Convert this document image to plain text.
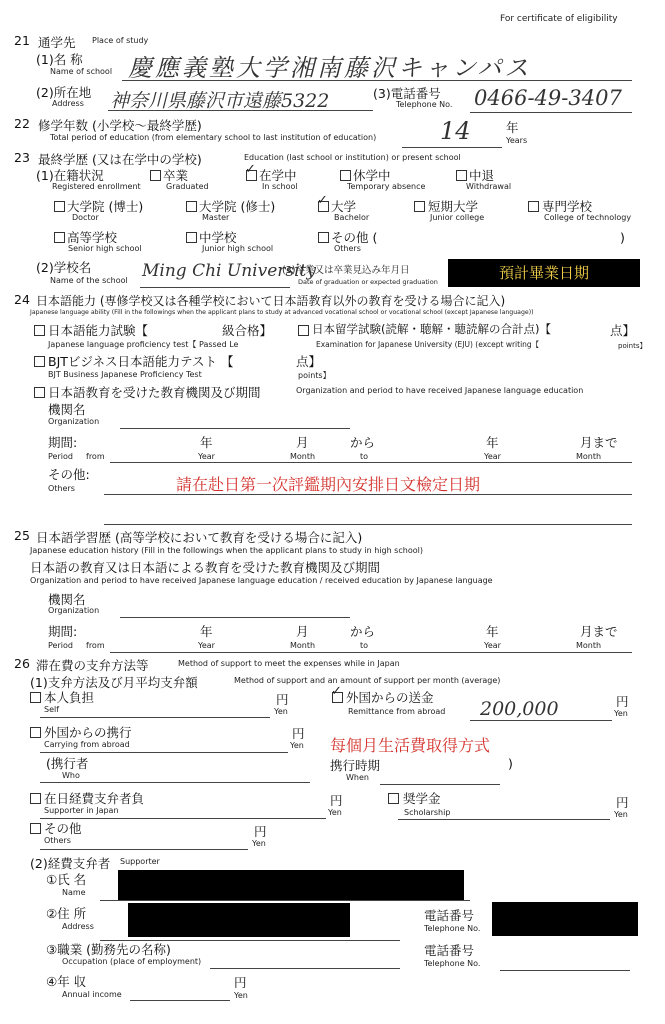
For certificate of eligibility
21 通学先 Place of study
(1)名 称
Name of school 慶應義塾大学湘南藤沢キャンパス
(2)所在地
Address 神奈川県藤沢市遠藤5322	(3)電話番号
Telephone No. 0466-49-3407
22 修学年数 (小学校～最終学歴)
Total period of education (from elementary school to last institution of education)	14	年
Years
23 最終学歴 (又は在学中の学校)	Education (last school or institution) or present school
(1)在籍状況
Registered enrollment
卒業
Graduated
✓ 在学中
In school
休学中
Temporary absence
中退
Withdrawal
大学院 (博士)
Doctor
大学院 (修士)
Master
✓ 大学
Bachelor
短期大学
Junior college
専門学校
College of technology
高等学校
Senior high school
中学校
Junior high school
その他 (
Others
)
(2)学校名
Name of the school Ming Chi University
(3)卒業又は卒業見込み年月日
Date of graduation or expected graduation	預計畢業日期
24 日本語能力 (専修学校又は各種学校において日本語教育以外の教育を受ける場合に記入)
Japanese language ability (Fill in the followings when the applicant plans to study at advanced vocational school or vocational school (except Japanese language))
日本語能力試験【	級合格】
Japanese language proficiency test【 Passed Le
日本留学試験(読解・聴解・聴読解の合計点)【	点】
Examination for Japanese University (EJU) (except writing【	points】
BJTビジネス日本語能力テスト 【	点】
BJT Business Japanese Proficiency Test	points】
日本語教育を受けた教育機関及び期間	Organization and period to have received Japanese language education
機関名
Organization
期間:
Period from
年
Year
月
Month
から
to
年
Year
月まで
Month
その他:
Others	請在赴日第一次評鑑期內安排日文檢定日期
25 日本語学習歴 (高等学校において教育を受ける場合に記入)
Japanese education history (Fill in the followings when the applicant plans to study in high school)
日本語の教育又は日本語による教育を受けた教育機関及び期間
Organization and period to have received Japanese language education / received education by Japanese language
機関名
Organization
期間:
Period from
年
Year
月
Month
から
to
年
Year
月まで
Month
26 滞在費の支弁方法等	Method of support to meet the expenses while in Japan
(1)支弁方法及び月平均支弁額	Method of support and an amount of support per month (average)
本人負担
Self
円
Yen
✓ 外国からの送金
Remittance from abroad 200,000	円
Yen
外国からの携行
Carrying from abroad
円
Yen 每個月生活費取得方式
(携行者
Who
携行時期
When
)
在日経費支弁者負
Supporter in Japan
円
Yen
奨学金
Scholarship
円
Yen
その他
Others
円
Yen
(2)経費支弁者 Supporter
①氏 名
Name
②住 所
Address
電話番号
Telephone No.
③職業 (勤務先の名称)
Occupation (place of employment)
電話番号
Telephone No.
④年 収
Annual income
円
Yen
